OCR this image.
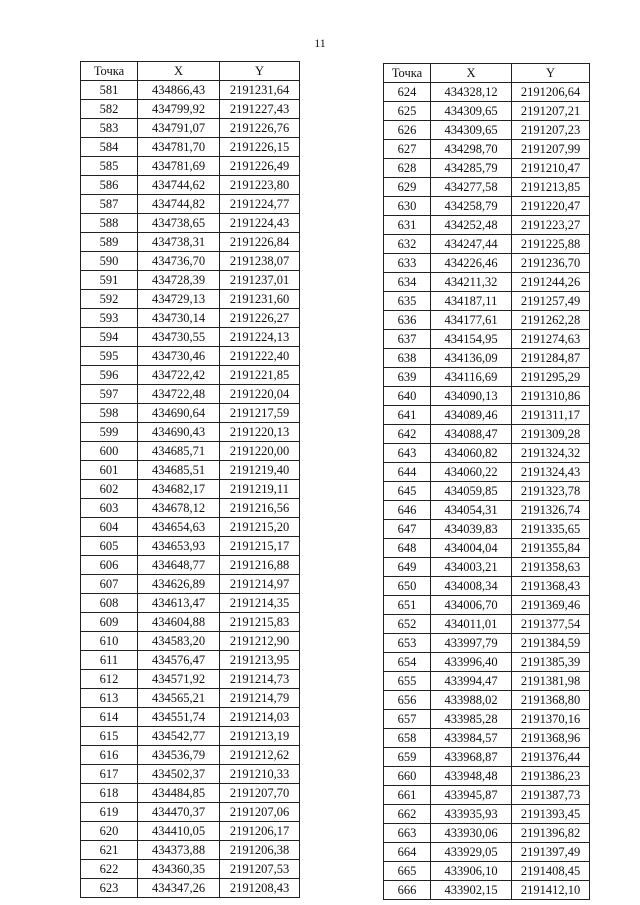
11
Точка	X	Y
581	434866,43	2191231,64
582	434799,92	2191227,43
583	434791,07	2191226,76
584	434781,70	2191226,15
585	434781,69	2191226,49
586	434744,62	2191223,80
587	434744,82	2191224,77
588	434738,65	2191224,43
589	434738,31	2191226,84
590	434736,70	2191238,07
591	434728,39	2191237,01
592	434729,13	2191231,60
593	434730,14	2191226,27
594	434730,55	2191224,13
595	434730,46	2191222,40
596	434722,42	2191221,85
597	434722,48	2191220,04
598	434690,64	2191217,59
599	434690,43	2191220,13
600	434685,71	2191220,00
601	434685,51	2191219,40
602	434682,17	2191219,11
603	434678,12	2191216,56
604	434654,63	2191215,20
605	434653,93	2191215,17
606	434648,77	2191216,88
607	434626,89	2191214,97
608	434613,47	2191214,35
609	434604,88	2191215,83
610	434583,20	2191212,90
611	434576,47	2191213,95
612	434571,92	2191214,73
613	434565,21	2191214,79
614	434551,74	2191214,03
615	434542,77	2191213,19
616	434536,79	2191212,62
617	434502,37	2191210,33
618	434484,85	2191207,70
619	434470,37	2191207,06
620	434410,05	2191206,17
621	434373,88	2191206,38
622	434360,35	2191207,53
623	434347,26	2191208,43
Точка	X	Y
624	434328,12	2191206,64
625	434309,65	2191207,21
626	434309,65	2191207,23
627	434298,70	2191207,99
628	434285,79	2191210,47
629	434277,58	2191213,85
630	434258,79	2191220,47
631	434252,48	2191223,27
632	434247,44	2191225,88
633	434226,46	2191236,70
634	434211,32	2191244,26
635	434187,11	2191257,49
636	434177,61	2191262,28
637	434154,95	2191274,63
638	434136,09	2191284,87
639	434116,69	2191295,29
640	434090,13	2191310,86
641	434089,46	2191311,17
642	434088,47	2191309,28
643	434060,82	2191324,32
644	434060,22	2191324,43
645	434059,85	2191323,78
646	434054,31	2191326,74
647	434039,83	2191335,65
648	434004,04	2191355,84
649	434003,21	2191358,63
650	434008,34	2191368,43
651	434006,70	2191369,46
652	434011,01	2191377,54
653	433997,79	2191384,59
654	433996,40	2191385,39
655	433994,47	2191381,98
656	433988,02	2191368,80
657	433985,28	2191370,16
658	433984,57	2191368,96
659	433968,87	2191376,44
660	433948,48	2191386,23
661	433945,87	2191387,73
662	433935,93	2191393,45
663	433930,06	2191396,82
664	433929,05	2191397,49
665	433906,10	2191408,45
666	433902,15	2191412,10
